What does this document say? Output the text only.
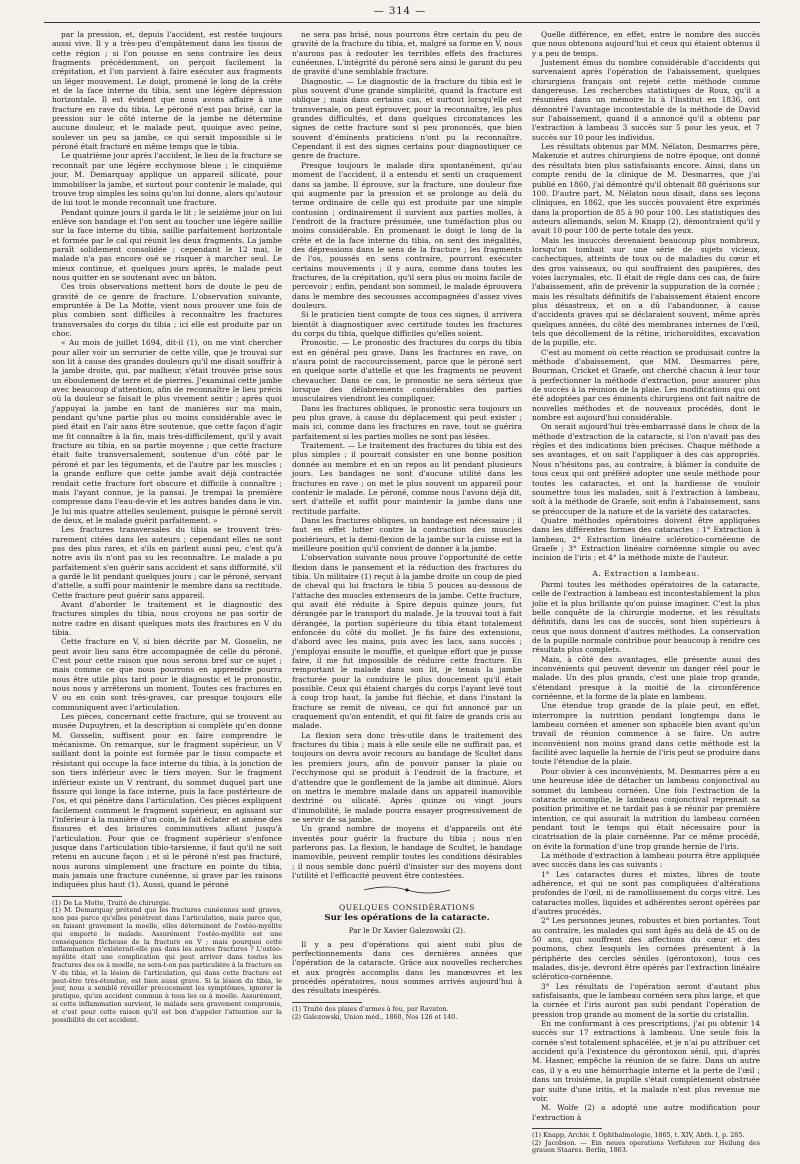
— 314 —

par la pression, et, depuis l'accident, est restée toujours aussi vive. Il y a très-peu d'empâtement dans les tissus de cette région ; si l'on pousse en sens contraire les deux fragments précédemment, on perçoit facilement la crépitation, et l'on parvient à faire exécuter aux fragments un léger mouvement. Le doigt, promené le long de la crête et de la face interne du tibia, sent une légère dépression horizontale. Il est évident que nous avons affaire à une fracture en rave du tibia. Le péroné n'est pas brisé, car la pression sur le côté interne de la jambe ne détermine aucune douleur, et le malade peut, quoique avec peine, soulever un peu sa jambe, ce qui serait impossible si le péroné était fracturé en même temps que le tibia.

Le quatrième jour après l'accident, le lieu de la fracture se reconnaît par une légère ecchymose bleue ; le cinquième jour, M. Demarquay applique un appareil silicaté, pour immobiliser la jambe, et surtout pour contenir le malade, qui trouve trop simples les soins qu'on lui donne, alors qu'autour de lui tout le monde reconnaît une fracture.

Pendant quinze jours il garda le lit ; le seizième jour on lui enlève son bandage et l'on sent au toucher une légère saillie sur la face interne du tibia, saillie parfaitement horizontale et formée par le cal qui réunit les deux fragments. La jambe paraît solidement consolidée ; cependant le 12 mai, le malade n'a pas encore osé se risquer à marcher seul. Le mieux continue, et quelques jours après, le malade peut nous quitter en se soutenant avec un bâton.

Ces trois observations mettent hors de doute le peu de gravité de ce genre de fracture. L'observation suivante, empruntée à De La Motte, vient nous prouver une fois de plus combien sont difficiles à reconnaître les fractures transversales du corps du tibia ; ici elle est produite par un choc.

« Au mois de juillet 1694, dit-il (1), on me vint chercher pour aller voir un serrurier de cette ville, que je trouvai sur son lit à cause des grandes douleurs qu'il me disait souffrir à la jambe droite, qui, par malheur, s'était trouvée prise sous un éboulement de terre et de pierres. J'examinai cette jambe avec beaucoup d'attention, afin de reconnaître le lieu précis où la douleur se faisait le plus vivement sentir ; après quoi j'appuyai la jambe en tant de manières sur ma main, pendant qu'une partie plus ou moins considérable avec le pied était en l'air sans être soutenue, que cette façon d'agir me fit connaître à la fin, mais très-difficilement, qu'il y avait fracture au tibia, en sa partie moyenne ; que cette fracture était faite transversalement, soutenue d'un côté par le péroné et par les téguments, et de l'autre par les muscles ; la grande enflure que cette jambe avait déjà contractée rendait cette fracture fort obscure et difficile à connaître ; mais l'ayant connue, je la pansai. Je trempai la première compresse dans l'eau-de-vie et les autres bandes dans le vin. Je lui mis quatre attelles seulement, puisque le péroné servit de deux, et le malade guérit parfaitement. »

Les fractures transversales du tibia se trouvent très-rarement citées dans les auteurs ; cependant elles ne sont pas des plus rares, et s'ils en parlent aussi peu, c'est qu'à notre avis ils n'ont pas su les reconnaître. Le malade a pu parfaitement s'en guérir sans accident et sans difformité, s'il a gardé le lit pendant quelques jours ; car le péroné, servant d'attelle, a suffi pour maintenir le membre dans sa rectitude. Cette fracture peut guérir sans appareil.

Avant d'aborder le traitement et le diagnostic des fractures simples du tibia, nous croyons ne pas sortir de notre cadre en disant quelques mots des fractures en V du tibia.

Cette fracture en V, si bien décrite par M. Gosselin, ne peut avoir lieu sans être accompagnée de celle du péroné. C'est pour cette raison que nous serons bref sur ce sujet ; mais comme ce que nous pourrons en apprendre pourra nous être utile plus tard pour le diagnostic et le pronostic, nous nous y arrêterons un moment. Toutes ces fractures en V ou en coin sont très-graves, car presque toujours elle communiquent avec l'articulation.

Les pièces, concernant cette fracture, qui se trouvent au musée Dupuytren, et la description si complète qu'en donne M. Gosselin, suffisent pour en faire comprendre le mécanisme. On remarque, sur le fragment supérieur, un V saillant dont la pointe est formée par le tissu compacte et résistant qui occupe la face interne du tibia, à la jonction de son tiers inférieur avec le tiers moyen. Sur le fragment inférieur existe un V rentrant, du sommet duquel part une fissure qui longe la face interne, puis la face postérieure de l'os, et qui pénètre dans l'articulation. Ces pièces expliquent facilement comment le fragment supérieur, en agissant sur l'inférieur à la manière d'un coin, le fait éclater et amène des fissures et des brisures comminutives allant jusqu'à l'articulation. Pour que ce fragment supérieur s'enfonce jusque dans l'articulation tibio-tarsienne, il faut qu'il ne soit retenu en aucune façon ; et si le péroné n'est pas fracturé, nous aurons simplement une fracture en pointe du tibia, mais jamais une fracture cunéenne, si grave par les raisons indiquées plus haut (1). Aussi, quand le péroné

(1) De La Motte, Traité de chirurgie.

(1) M. Demarquay prétend que les fractures cunéennes sont graves, non pas parce qu'elles pénètrent dans l'articulation, mais parce que, en faisant gravement la moelle, elles déterminent de l'ostéo-myélite qui emporte le malade. Assurément l'ostéo-myélite est une conséquence fâcheuse de la fracture en V ; mais pourquoi cette inflammation n'existerait-elle pas dans les autres fractures ? L'ostéo-myélite était une complication qui peut arriver dans toutes les fractures des os à moelle, ne sera-t-on pas particulière à la fracture en V du tibia, et la lésion de l'articulation, qui dans cette fracture est peut-être très-étendue, est bien aussi grave. Si la lésion du tibia, le jour, nous a semblé réveiller précocement les symptômes, ignorer la pratique, qu'un accident commun à tous les os à moelle. Assurément, si cette inflammation survient, le malade sera gravement compromis, et c'est pour cette raison qu'il est bon d'appeler l'attention sur la possibilité de cet accident.

ne sera pas brisé, nous pourrons être certain du peu de gravité de la fracture du tibia, et, malgré sa forme en V, nous n'aurons pas à redouter les terribles effets des fractures cunéennes. L'intégrité du péroné sera ainsi le garant du peu de gravité d'une semblable fracture.

Diagnostic. — Le diagnostic de la fracture du tibia est le plus souvent d'une grande simplicité, quand la fracture est oblique ; mais dans certains cas, et surtout lorsqu'elle est transversale, on peut éprouver, pour la reconnaître, les plus grandes difficultés, et dans quelques circonstances les signes de cette fracture sont si peu prononcés, que bien souvent d'éminents praticiens n'ont pu la reconnaître. Cependant il est des signes certains pour diagnostiquer ce genre de fracture.

Presque toujours le malade dira spontanément, qu'au moment de l'accident, il a entendu et senti un craquement dans sa jambe. Il éprouve, sur la fracture, une douleur fixe qui augmente par la pression et se prolonge au delà du terme ordinaire de celle qui est produite par une simple contusion ; ordinairement il survient aux parties molles, à l'endroit de la fracture présumée, une tuméfaction plus ou moins considérable. En promenant le doigt le long de la crête et de la face interne du tibia, on sent des inégalités, des dépressions dans le sens de la fracture ; les fragments de l'os, poussés en sens contraire, pourront exécuter certains mouvements ; il y aura, comme dans toutes les fractures, de la crépitation, qu'il sera plus ou moins facile de percevoir ; enfin, pendant son sommeil, le malade éprouvera dans le membre des secousses accompagnées d'assez vives douleurs.

Si le praticien tient compte de tous ces signes, il arrivera bientôt à diagnostiquer avec certitude toutes les fractures du corps du tibia, quelque difficiles qu'elles soient.

Pronostic. — Le pronostic des fractures du corps du tibia est en général peu grave. Dans les fractures en rave, on n'aura point de raccourcissement, parce que le péroné sert en quelque sorte d'attelle et que les fragments ne peuvent chevaucher. Dans ce cas, le pronostic ne sera sérieux que lorsque des délabrements considérables des parties musculaires viendront les compliquer.

Dans les fractures obliques, le pronostic sera toujours un peu plus grave, à cause du déplacement qui peut exister ; mais ici, comme dans les fractures en rave, tout se guérira parfaitement si les parties molles ne sont pas lésées.

Traitement. — Le traitement des fractures du tibia est des plus simples ; il pourrait consister en une bonne position donnée au membre et en un repos au lit pendant plusieurs jours. Les bandages ne sont d'aucune utilité dans les fractures en rave ; on met le plus souvent un appareil pour contenir le malade. Le péroné, comme nous l'avons déjà dit, sert d'attelle et suffit pour maintenir la jambe dans une rectitude parfaite.

Dans les fractures obliques, un bandage est nécessaire ; il faut en effet lutter contre la contraction des muscles postérieurs, et la demi-flexion de la jambe sur la cuisse est la meilleure position qu'il convient de donner à la jambe.

L'observation suivante nous prouve l'opportunité de cette flexion dans le pansement et la réduction des fractures du tibia. Un militaire (1) reçut à la jambe droite un coup de pied de cheval qui lui fractura le tibia 5 pouces au-dessous de l'attache des muscles extenseurs de la jambe. Cette fracture, qui avait été réduite à Spire depuis quinze jours, fut dérangée par le transport du malade. Je la trouvai tout à fait dérangée, la portion supérieure du tibia étant totalement enfoncée du côté du mollet. Je fis faire des extensions, d'abord avec les mains, puis avec les lacs, sans succès ; j'employai ensuite le mouffle, et quelque effort que je pusse faire, il me fut impossible de réduire cette fracture. En remportant le malade dans son lit, je tenais la jambe fracturée pour la conduire le plus doucement qu'il était possible. Ceux qui étaient chargés du corps l'ayant levé tout à coup trop haut, la jambe fut fléchie, et dans l'instant la fracture se remit de niveau, ce qui fut annoncé par un craquement qu'on entendit, et qui fit faire de grands cris au malade.

La flexion sera donc très-utile dans le traitement des fractures du tibia ; mais à elle seule elle ne suffirait pas, et toujours on devra avoir recours au bandage de Scultet dans les premiers jours, afin de pouvoir panser la plaie ou l'ecchymose qui se produit à l'endroit de la fracture, et d'attendre que le gonflement de la jambe ait diminué. Alors on mettra le membre malade dans un appareil inamovible dextriné ou silicaté. Après quinze ou vingt jours d'immobilité, le malade pourra essayer progressivement de se servir de sa jambe.

Un grand nombre de moyens et d'appareils ont été inventés pour guérir la fracture du tibia ; nous n'en parlerons pas. La flexion, le bandage de Scultet, le bandage inamovible, peuvent remplir toutes les conditions désirables ; il nous semble donc puéril d'insister sur des moyens dont l'utilité et l'efficacité peuvent être contestées.

QUELQUES CONSIDÉRATIONS

Sur les opérations de la cataracte.

Par le Dr Xavier Galezowski (2).

Il y a peu d'opérations qui aient subi plus de perfectionnements dans ces dernières années que l'opération de la cataracte. Grâce aux nouvelles recherches et aux progrès accomplis dans les manœuvres et les procédés opératoires, nous sommes arrivés aujourd'hui à des résultats inespérés.

(1) Traité des plaies d'armes à feu, par Ravaton.

(2) Galezowski, Union méd., 1860, Nos 126 et 140.

Quelle différence, en effet, entre le nombre des succès que nous obtenons aujourd'hui et ceux qui étaient obtenus il y a peu de temps.

Justement émus du nombre considérable d'accidents qui survenaient après l'opération de l'abaissement, quelques chirurgiens français ont rejeté cette méthode comme dangereuse. Les recherches statistiques de Roux, qu'il a résumées dans un mémoire lu à l'Institut en 1836, ont démontré l'avantage incontestable de la méthode de David sur l'abaissement, quand il a annoncé qu'il a obtenu par l'extraction à lambeau 3 succès sur 5 pour les yeux, et 7 succès sur 10 pour les individus.

Les résultats obtenus par MM. Nélaton, Desmarres père, Makenzie et autres chirurgiens de notre époque, ont donné des résultats bien plus satisfaisants encore. Ainsi, dans un compte rendu de la clinique de M. Desmarres, que j'ai publié en 1860, j'ai démontré qu'il obtenait 88 guérisons sur 100. D'autre part, M. Nélaton nous disait, dans ses leçons cliniques, en 1862, que les succès pouvaient être exprimés dans la proportion de 85 à 90 pour 100. Les statistiques des auteurs allemands, selon M. Knapp (2), démontraient qu'il y avait 10 pour 100 de perte totale des yeux.

Mais les insuccès devenaient beaucoup plus nombreux, lorsqu'on tombait sur une série de sujets vicieux, cachectiques, atteints de toux ou de maladies du cœur et des gros vaisseaux, ou qui souffraient des paupières, des voies lacrymales, etc. Il était de règle dans ces cas, de faire l'abaissement, afin de prévenir la suppuration de la cornée ; mais les résultats définitifs de l'abaissement étaient encore plus désastreux, et on a dû l'abandonner, à cause d'accidents graves qui se déclaraient souvent, même après quelques années, du côté des membranes internes de l'œil, tels que décollement de la rétine, irichoroïdites, excavation de la pupille, etc.

C'est au moment où cette réaction se produisait contre la méthode d'abaissement, que MM. Desmarres père, Bourman, Cricket et Graefe, ont cherché chacun à leur tour à perfectionner la méthode d'extraction, pour assurer plus de succès à la réunion de la plaie. Les modifications qui ont été adoptées par ces éminents chirurgiens ont fait naître de nouvelles méthodes et de nouveaux procédés, dont le nombre est aujourd'hui considérable.

On serait aujourd'hui très-embarrassé dans le choix de la méthode d'extraction de la cataracte, si l'on n'avait pas des règles et des indications bien précises. Chaque méthode a ses avantages, et on sait l'appliquer à des cas appropriés. Nous n'hésitons pas, au contraire, à blâmer la conduite de tous ceux qui ont préféré adopter une seule méthode pour toutes les cataractes, et ont la hardiesse de vouloir soumettre tous les malades, soit à l'extraction à lambeau, soit à la méthode de Graefe, soit enfin à l'abaissement, sans se préoccuper de la nature et de la variété des cataractes.

Quatre méthodes opératoires doivent être appliquées dans les différentes formes des cataractes : 1° Extraction à lambeau, 2° Extraction linéaire scléroticо-cornéenne de Graefe ; 3° Extraction linéaire cornéenne simple ou avec incision de l'iris ; et 4° la méthode mixte de l'auteur.

A. Extraction a lambeau.

Parmi toutes les méthodes opératoires de la cataracte, celle de l'extraction à lambeau est incontestablement la plus jolie et la plus brillante qu'on puisse imaginer. C'est la plus belle conquête de la chirurgie moderne, et les résultats définitifs, dans les cas de succès, sont bien supérieurs à ceux que nous donnent d'autres méthodes. La conservation de la pupille normale contribue pour beaucoup à rendre ces résultats plus complets.

Mais, à côté des avantages, elle présente aussi des inconvénients qui peuvent devenir un danger réel pour le malade. Un des plus grands, c'est une plaie trop grande, s'étendant presque à la moitié de la circonférence cornéenne, et la forme de la plaie en lambeau.

Une étendue trop grande de la plaie peut, en effet, interrompre la nutrition pendant longtemps dans le lambeau cornéen et amener son sphacèle bien avant qu'un travail de réunion commence à se faire. Un autre inconvénient non moins grand dans cette méthode est la facilité avec laquelle la hernie de l'iris peut se produire dans toute l'étendue de la plaie.

Pour obvier à ces inconvénients, M. Desmarres père a eu une heureuse idée de détacher un lambeau conjonctival au sommet du lambeau cornéen. Une fois l'extraction de la cataracte accomplie, le lambeau conjonctival reprenait sa position primitive et ne tardait pas à se réunir par première intention, ce qui assurait la nutrition du lambeau cornéen pendant tout le temps qui était nécessaire pour la cicatrisation de la plaie cornéenne. Par ce même procédé, on évite la formation d'une trop grande hernie de l'iris.

La méthode d'extraction à lambeau pourra être appliquée avec succès dans les cas suivants :

1° Les cataractes dures et mixtes, libres de toute adhérence, et qui ne sont pas compliquées d'altérations profondes de l'œil, ni de ramollissement du corps vitré. Les cataractes molles, liquides et adhérentes seront opérées par d'autres procédés.

2° Les personnes jeunes, robustes et bien portantes. Tout au contraire, les malades qui sont âgés au delà de 45 ou de 50 ans, qui souffrent des affections du cœur et des poumons, chez lesquels les cornées présentent à la périphérie des cercles séniles (gérontoxon), tous ces malades, dis-je, devront être opérés par l'extraction linéaire scléroticо-cornéenne.

3° Les résultats de l'opération seront d'autant plus satisfaisants, que le lambeau cornéen sera plus large, et que la cornée et l'iris auront pas subi pendant l'opération de pression trop grande au moment de la sortie du cristallin.

En me conformant à ces prescriptions, j'ai pu obtenir 14 succès sur 17 extractions à lambeau. Une seule fois la cornée s'est totalement sphacélée, et je n'ai pu attribuer cet accident qu'à l'existence du gérontoxon sénil, qui, d'après M. Hasner, empêche la réunion de se faire. Dans un autre cas, il y a eu une hémorrhagie interne et la perte de l'œil ; dans un troisième, la pupille s'était complètement obstruée par suite d'une iritis, et la malade n'est plus revenue me voir.

M. Wolfe (2) a adopté une autre modification pour l'extraction à

(1) Knapp, Archiv. f. Ophthalmologie, 1865, t. XIV, Abth. I, p. 285.

(2) Jacobson. — Ein neues operations Verfahren zur Heilung des grauen Staares. Berlin, 1863.
